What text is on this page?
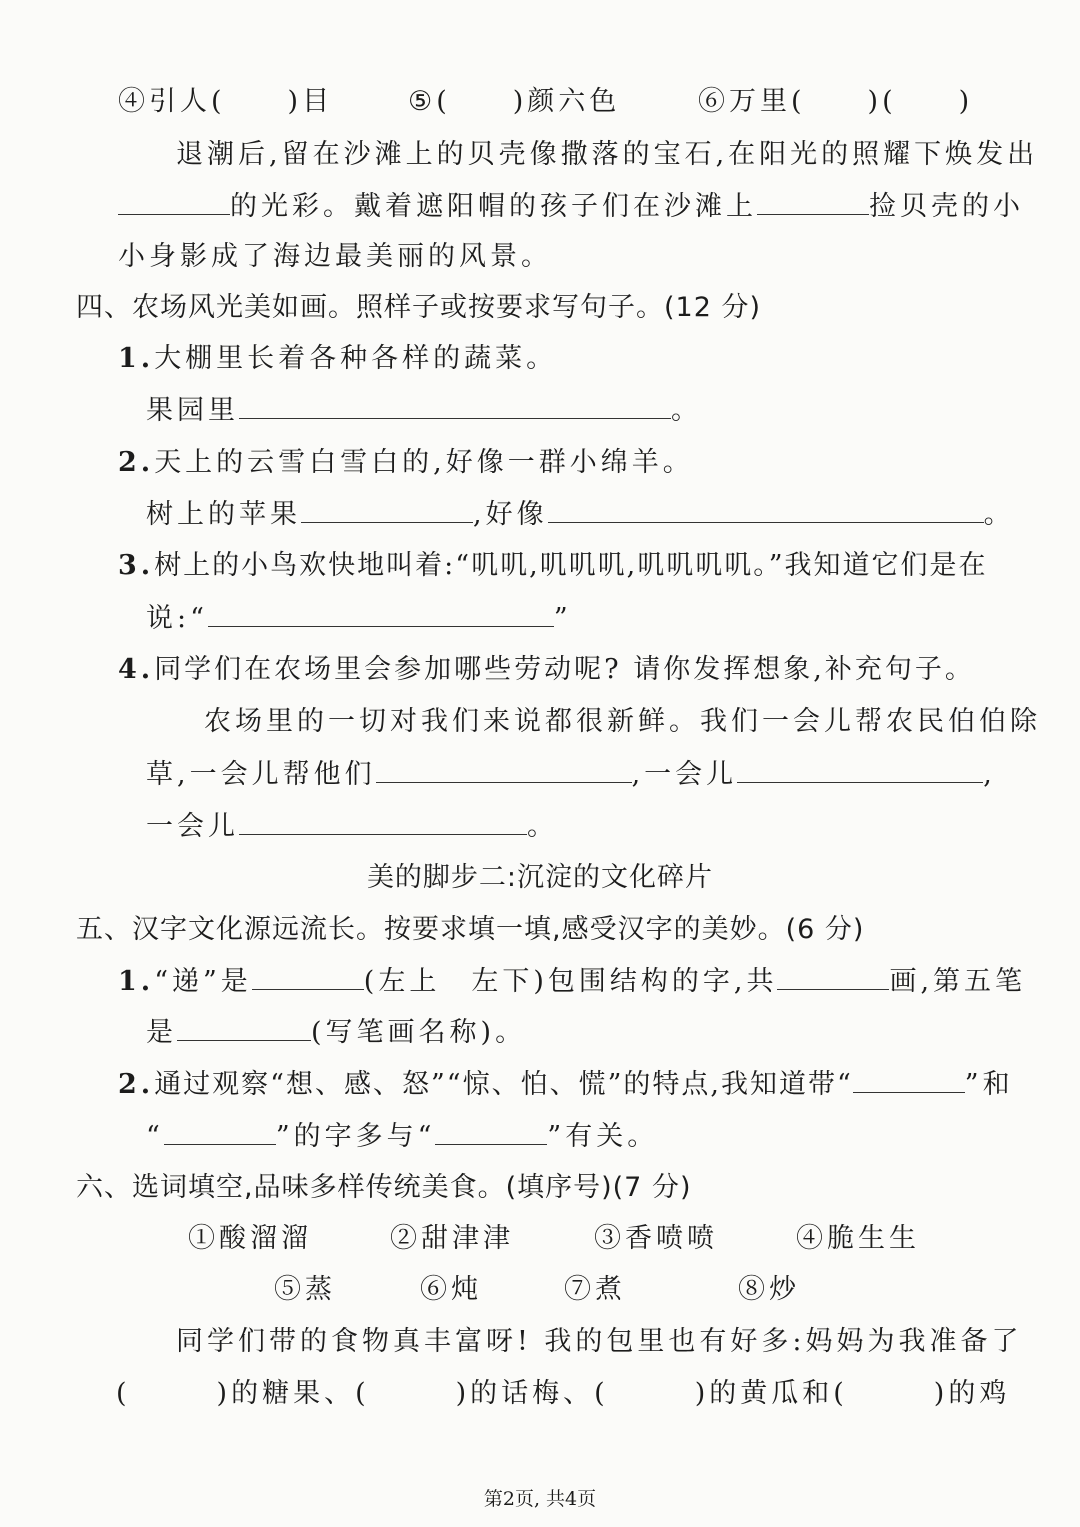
④引人( )目	⑤( )颜六色	⑥万里( )( )
退潮后,留在沙滩上的贝壳像撒落的宝石,在阳光的照耀下焕发出
的光彩。戴着遮阳帽的孩子们在沙滩上	捡贝壳的小
小身影成了海边最美丽的风景。
四、农场风光美如画。照样子或按要求写句子。(12 分)
1.大棚里长着各种各样的蔬菜。
果园里	。
2.天上的云雪白雪白的,好像一群小绵羊。
树上的苹果	,好像	。
3.树上的小鸟欢快地叫着:“叽叽,叽叽叽,叽叽叽叽。”我知道它们是在
说:“	”
4.同学们在农场里会参加哪些劳动呢? 请你发挥想象,补充句子。
农场里的一切对我们来说都很新鲜。我们一会儿帮农民伯伯除
草,一会儿帮他们	,一会儿	,
一会儿	。
美的脚步二:沉淀的文化碎片
五、汉字文化源远流长。按要求填一填,感受汉字的美妙。(6 分)
1.“递”是	(左上　左下)包围结构的字,共	画,第五笔
是	(写笔画名称)。
2.通过观察“想、感、怒”“惊、怕、慌”的特点,我知道带“	”和
“	”的字多与“	”有关。
六、选词填空,品味多样传统美食。(填序号)(7 分)
①酸溜溜	②甜津津	③香喷喷	④脆生生
⑤蒸	⑥炖	⑦煮	⑧炒
同学们带的食物真丰富呀! 我的包里也有好多:妈妈为我准备了
(	)的糖果、(	)的话梅、(	)的黄瓜和(	)的鸡
第2页, 共4页
